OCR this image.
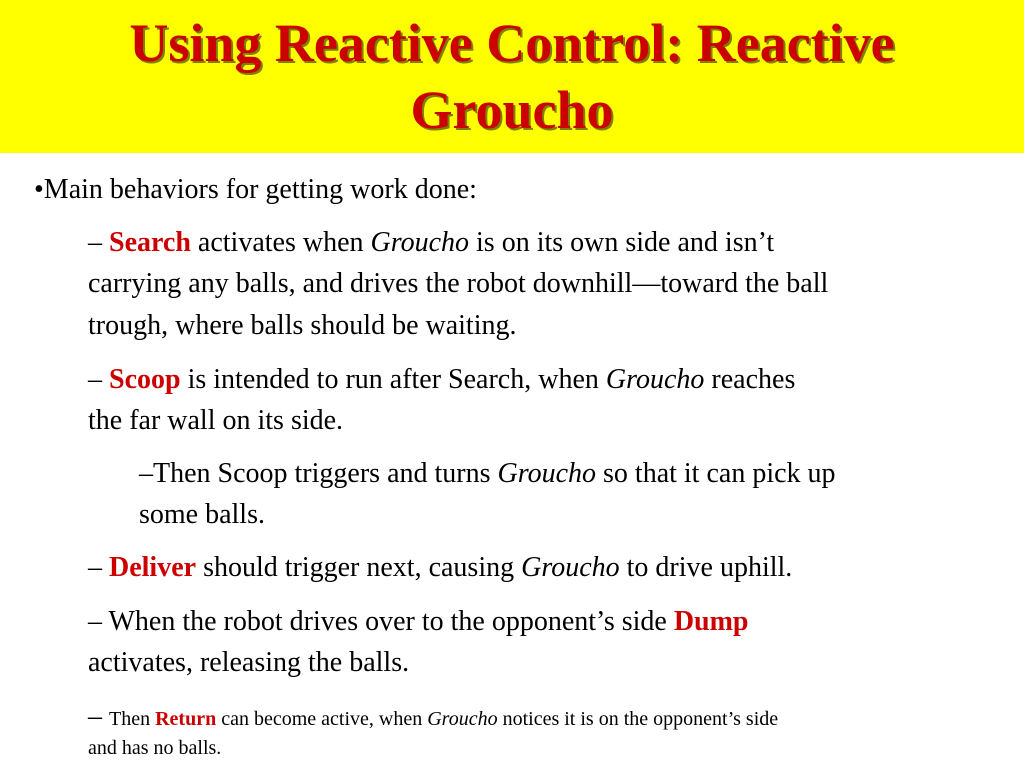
Using Reactive Control: Reactive
Groucho
•Main behaviors for getting work done:
– Search activates when Groucho is on its own side and isn’t
carrying any balls, and drives the robot downhill—toward the ball
trough, where balls should be waiting.
– Scoop is intended to run after Search, when Groucho reaches
the far wall on its side.
–Then Scoop triggers and turns Groucho so that it can pick up
some balls.
– Deliver should trigger next, causing Groucho to drive uphill.
– When the robot drives over to the opponent’s side Dump
activates, releasing the balls.
– Then Return can become active, when Groucho notices it is on the opponent’s side
and has no balls.
